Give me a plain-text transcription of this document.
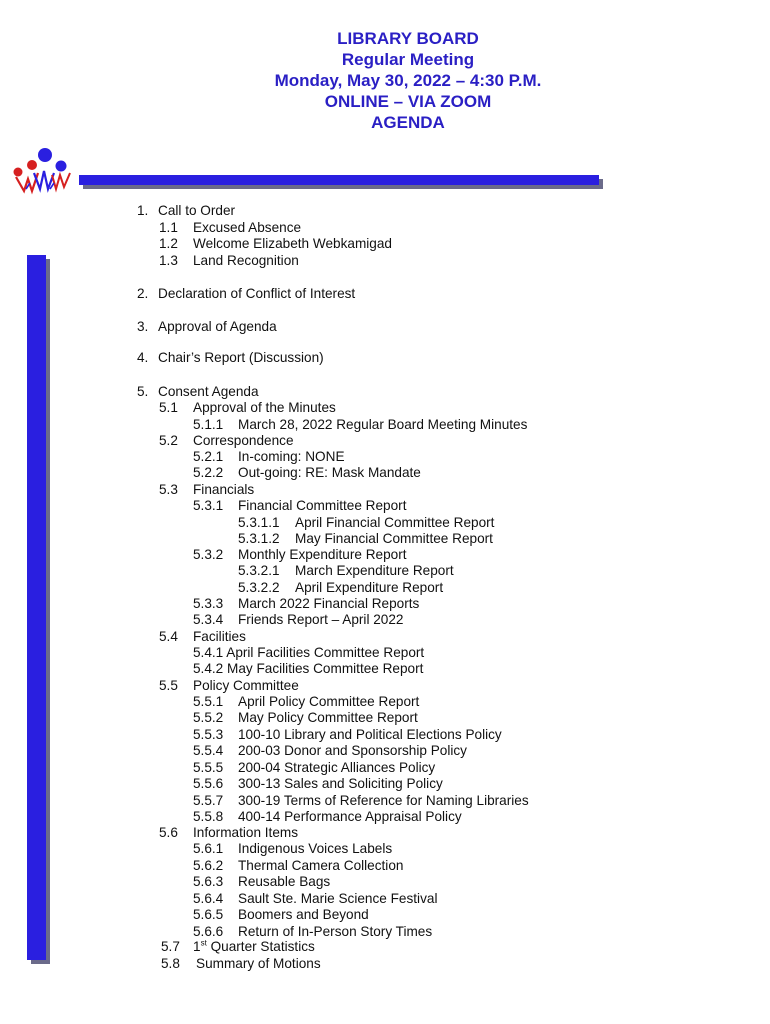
LIBRARY BOARD
Regular Meeting
Monday, May 30, 2022 – 4:30 P.M.
ONLINE – VIA ZOOM
AGENDA
1. Call to Order
1.1 Excused Absence
1.2 Welcome Elizabeth Webkamigad
1.3 Land Recognition
2. Declaration of Conflict of Interest
3. Approval of Agenda
4. Chair’s Report (Discussion)
5. Consent Agenda
5.1 Approval of the Minutes
5.1.1 March 28, 2022 Regular Board Meeting Minutes
5.2 Correspondence
5.2.1 In-coming: NONE
5.2.2 Out-going: RE: Mask Mandate
5.3 Financials
5.3.1 Financial Committee Report
5.3.1.1 April Financial Committee Report
5.3.1.2 May Financial Committee Report
5.3.2 Monthly Expenditure Report
5.3.2.1 March Expenditure Report
5.3.2.2 April Expenditure Report
5.3.3 March 2022 Financial Reports
5.3.4 Friends Report – April 2022
5.4 Facilities
5.4.1 April Facilities Committee Report
5.4.2 May Facilities Committee Report
5.5 Policy Committee
5.5.1 April Policy Committee Report
5.5.2 May Policy Committee Report
5.5.3 100-10 Library and Political Elections Policy
5.5.4 200-03 Donor and Sponsorship Policy
5.5.5 200-04 Strategic Alliances Policy
5.5.6 300-13 Sales and Soliciting Policy
5.5.7 300-19 Terms of Reference for Naming Libraries
5.5.8 400-14 Performance Appraisal Policy
5.6 Information Items
5.6.1 Indigenous Voices Labels
5.6.2 Thermal Camera Collection
5.6.3 Reusable Bags
5.6.4 Sault Ste. Marie Science Festival
5.6.5 Boomers and Beyond
5.6.6 Return of In-Person Story Times
5.7 1st Quarter Statistics
5.8 Summary of Motions
